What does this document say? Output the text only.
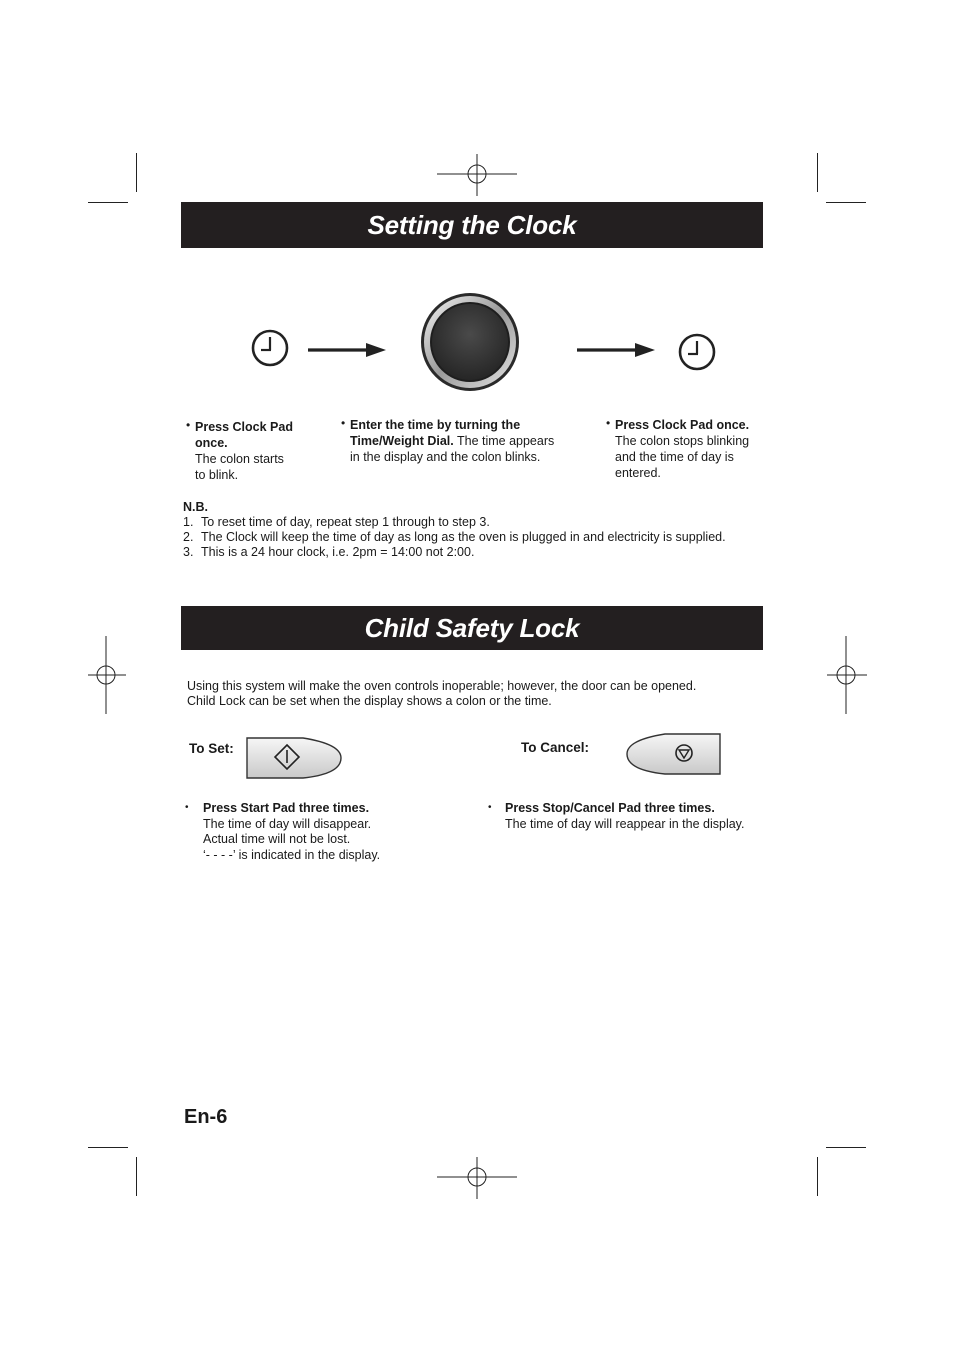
Setting the Clock
• Press Clock Pad
once.
The colon starts
to blink.
• Enter the time by turning the
Time/Weight Dial. The time appears
in the display and the colon blinks.
• Press Clock Pad once.
The colon stops blinking
and the time of day is
entered.
N.B.
1. To reset time of day, repeat step 1 through to step 3.
2. The Clock will keep the time of day as long as the oven is plugged in and electricity is supplied.
3. This is a 24 hour clock, i.e. 2pm = 14:00 not 2:00.
Child Safety Lock
Using this system will make the oven controls inoperable; however, the door can be opened.
Child Lock can be set when the display shows a colon or the time.
To Set:	To Cancel:
• Press Start Pad three times.
The time of day will disappear.
Actual time will not be lost.
‘- - - -’ is indicated in the display.
• Press Stop/Cancel Pad three times.
The time of day will reappear in the display.
En-6
